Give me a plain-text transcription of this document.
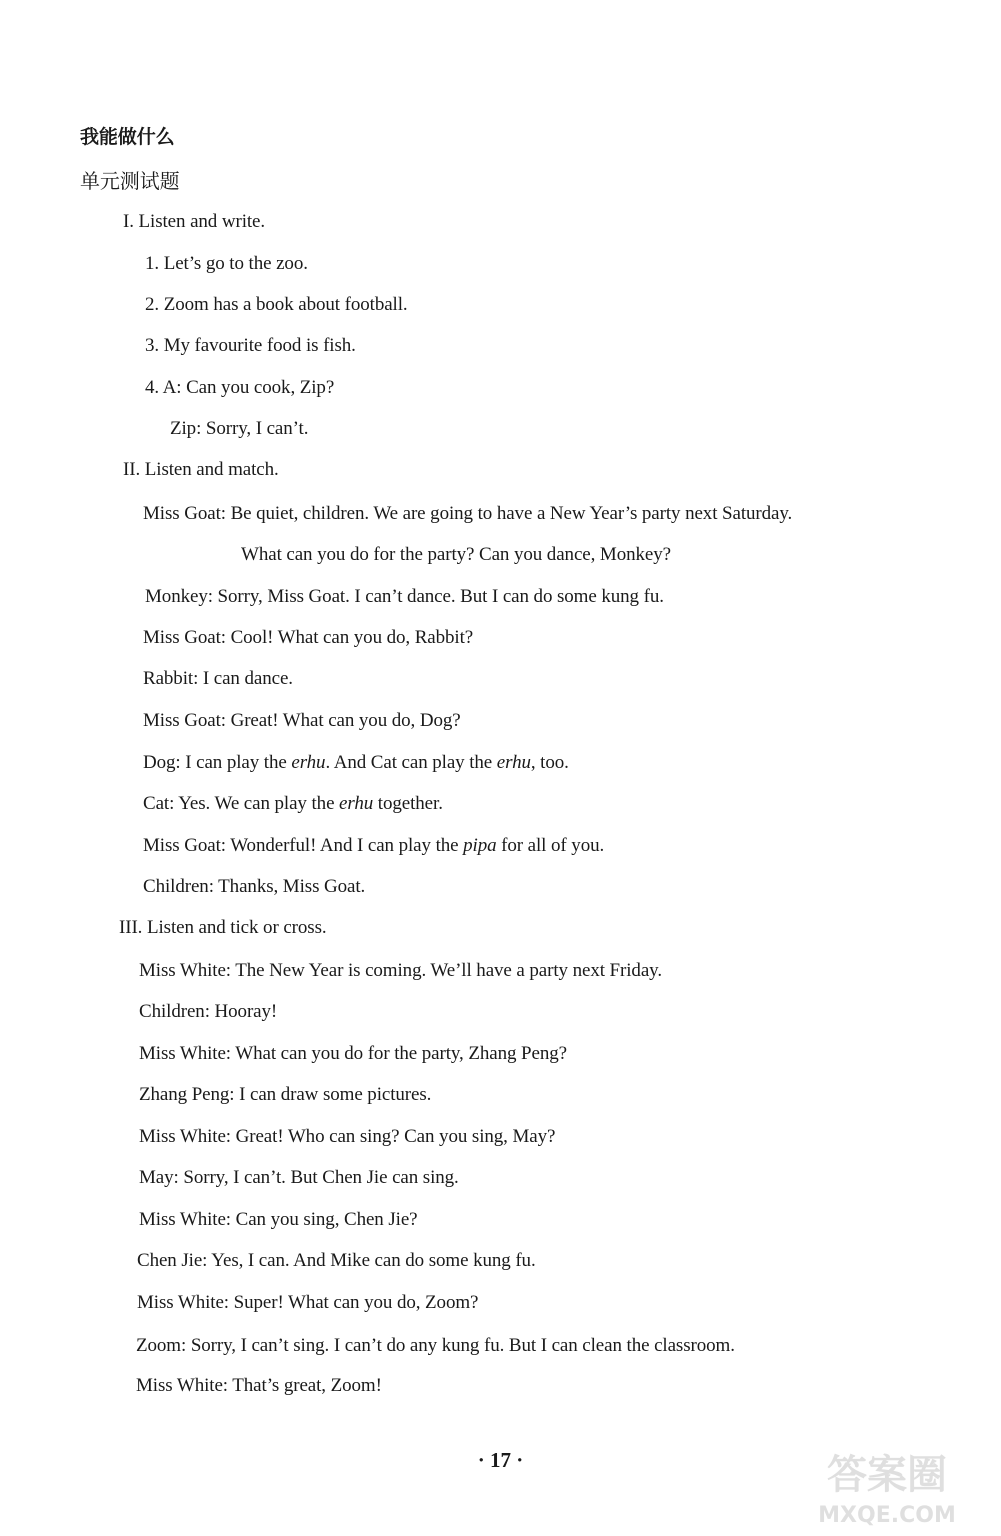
我能做什么
单元测试题
I. Listen and write.
1. Let’s go to the zoo.
2. Zoom has a book about football.
3. My favourite food is fish.
4. A: Can you cook, Zip?
Zip: Sorry, I can’t.
II. Listen and match.
Miss Goat: Be quiet, children. We are going to have a New Year’s party next Saturday.
What can you do for the party? Can you dance, Monkey?
Monkey: Sorry, Miss Goat. I can’t dance. But I can do some kung fu.
Miss Goat: Cool! What can you do, Rabbit?
Rabbit: I can dance.
Miss Goat: Great! What can you do, Dog?
Dog: I can play the erhu. And Cat can play the erhu, too.
Cat: Yes. We can play the erhu together.
Miss Goat: Wonderful! And I can play the pipa for all of you.
Children: Thanks, Miss Goat.
III. Listen and tick or cross.
Miss White: The New Year is coming. We’ll have a party next Friday.
Children: Hooray!
Miss White: What can you do for the party, Zhang Peng?
Zhang Peng: I can draw some pictures.
Miss White: Great! Who can sing? Can you sing, May?
May: Sorry, I can’t. But Chen Jie can sing.
Miss White: Can you sing, Chen Jie?
Chen Jie: Yes, I can. And Mike can do some kung fu.
Miss White: Super! What can you do, Zoom?
Zoom: Sorry, I can’t sing. I can’t do any kung fu. But I can clean the classroom.
Miss White: That’s great, Zoom!
· 17 ·	答案圈
MXQE.COM
